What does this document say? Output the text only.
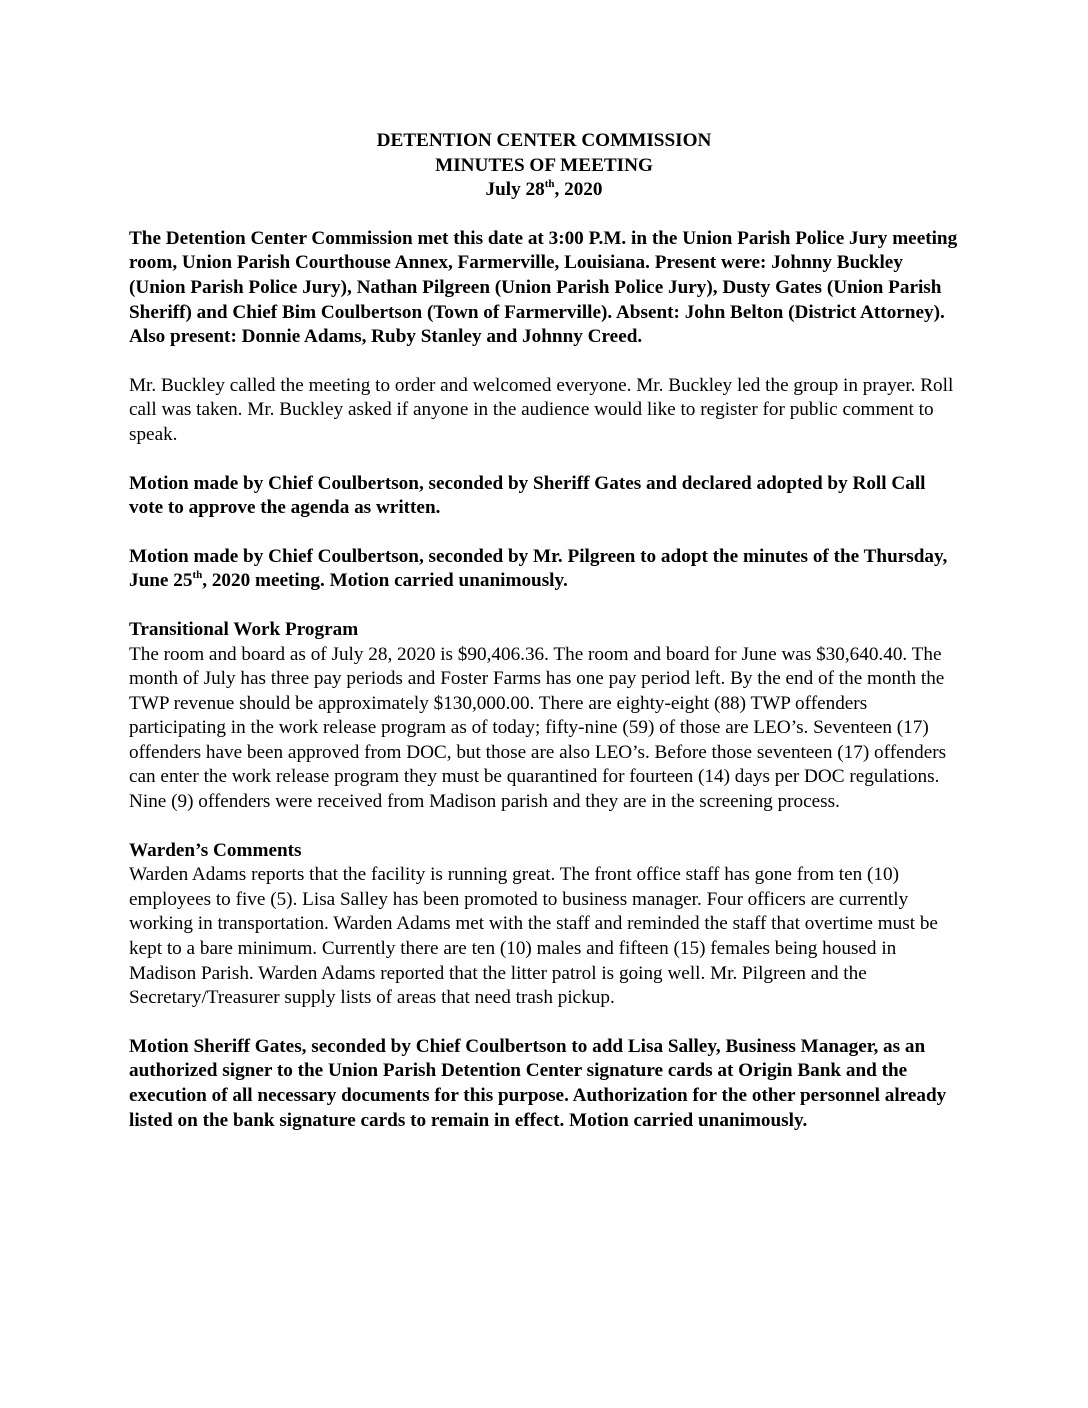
DETENTION CENTER COMMISSION
MINUTES OF MEETING
July 28th, 2020

The Detention Center Commission met this date at 3:00 P.M. in the Union Parish Police Jury meeting room, Union Parish Courthouse Annex, Farmerville, Louisiana. Present were: Johnny Buckley (Union Parish Police Jury), Nathan Pilgreen (Union Parish Police Jury), Dusty Gates (Union Parish Sheriff) and Chief Bim Coulbertson (Town of Farmerville). Absent: John Belton (District Attorney). Also present: Donnie Adams, Ruby Stanley and Johnny Creed.

Mr. Buckley called the meeting to order and welcomed everyone. Mr. Buckley led the group in prayer. Roll call was taken. Mr. Buckley asked if anyone in the audience would like to register for public comment to speak.

Motion made by Chief Coulbertson, seconded by Sheriff Gates and declared adopted by Roll Call vote to approve the agenda as written.

Motion made by Chief Coulbertson, seconded by Mr. Pilgreen to adopt the minutes of the Thursday, June 25th, 2020 meeting. Motion carried unanimously.

Transitional Work Program

The room and board as of July 28, 2020 is $90,406.36. The room and board for June was $30,640.40. The month of July has three pay periods and Foster Farms has one pay period left. By the end of the month the TWP revenue should be approximately $130,000.00. There are eighty-eight (88) TWP offenders participating in the work release program as of today; fifty-nine (59) of those are LEO’s. Seventeen (17) offenders have been approved from DOC, but those are also LEO’s. Before those seventeen (17) offenders can enter the work release program they must be quarantined for fourteen (14) days per DOC regulations. Nine (9) offenders were received from Madison parish and they are in the screening process.

Warden’s Comments

Warden Adams reports that the facility is running great. The front office staff has gone from ten (10) employees to five (5). Lisa Salley has been promoted to business manager. Four officers are currently working in transportation. Warden Adams met with the staff and reminded the staff that overtime must be kept to a bare minimum. Currently there are ten (10) males and fifteen (15) females being housed in Madison Parish. Warden Adams reported that the litter patrol is going well. Mr. Pilgreen and the Secretary/Treasurer supply lists of areas that need trash pickup.

Motion Sheriff Gates, seconded by Chief Coulbertson to add Lisa Salley, Business Manager, as an authorized signer to the Union Parish Detention Center signature cards at Origin Bank and the execution of all necessary documents for this purpose. Authorization for the other personnel already listed on the bank signature cards to remain in effect. Motion carried unanimously.
